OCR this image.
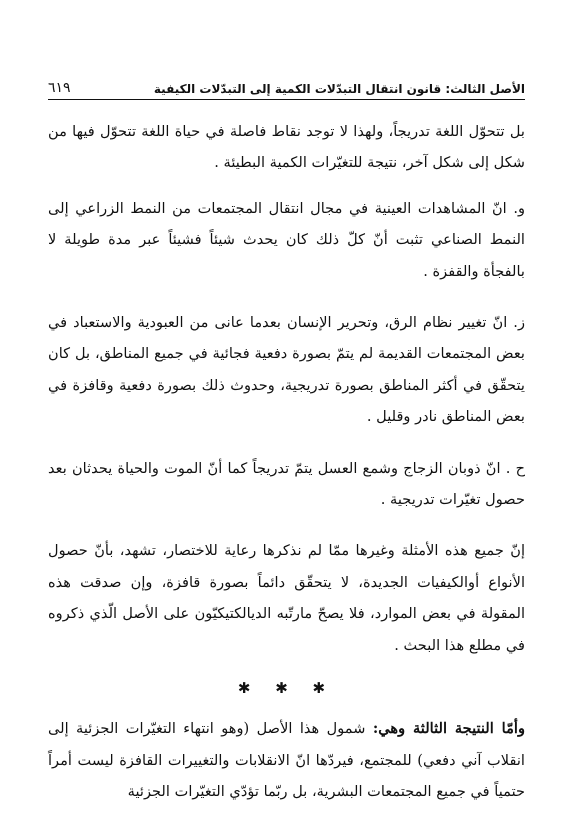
الأصل الثالث: قانون انتقال التبدّلات الكمية إلى التبدّلات الكيفية
٦١٩

بل تتحوّل اللغة تدريجاً، ولهذا لا توجد نقاط فاصلة في حياة اللغة تتحوّل فيها من شكل إلى شكل آخر، نتيجة للتغيّرات الكمية البطيئة .

و. انّ المشاهدات العينية في مجال انتقال المجتمعات من النمط الزراعي إلى النمط الصناعي تثبت أنّ كلّ ذلك كان يحدث شيئاً فشيئاً عبر مدة طويلة لا بالفجأة والقفزة .

ز. انّ تغيير نظام الرق، وتحرير الإنسان بعدما عانى من العبودية والاستعباد في بعض المجتمعات القديمة لم يتمّ بصورة دفعية فجائية في جميع المناطق، بل كان يتحقّق في أكثر المناطق بصورة تدريجية، وحدوث ذلك بصورة دفعية وقافزة في بعض المناطق نادر وقليل .

ح . انّ ذوبان الزجاج وشمع العسل يتمّ تدريجاً كما أنّ الموت والحياة يحدثان بعد حصول تغيّرات تدريجية .

إنّ جميع هذه الأمثلة وغيرها ممّا لم نذكرها رعاية للاختصار، تشهد، بأنّ حصول الأنواع أوالكيفيات الجديدة، لا يتحقّق دائماً بصورة قافزة، وإن صدقت هذه المقولة في بعض الموارد، فلا يصحّ مارتّبه الديالكتيكيّون على الأصل الّذي ذكروه في مطلع هذا البحث .

✱ ✱ ✱

وأمّا النتيجة الثالثة وهي: شمول هذا الأصل (وهو انتهاء التغيّرات الجزئية إلى انقلاب آني دفعي) للمجتمع، فيردّها انّ الانقلابات والتغييرات القافزة ليست أمراً حتمياً في جميع المجتمعات البشرية، بل ربّما تؤدّي التغيّرات الجزئية
